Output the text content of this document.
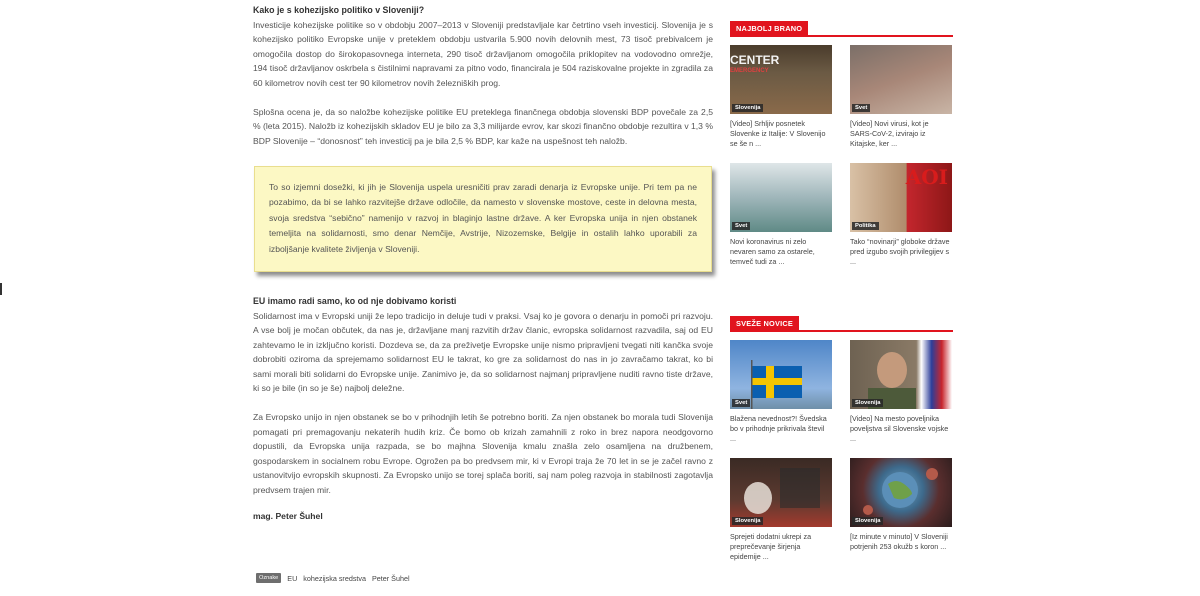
Kako je s kohezijsko politiko v Sloveniji?

Investicije kohezijske politike so v obdobju 2007–2013 v Sloveniji predstavljale kar četrtino vseh investicij. Slovenija je s kohezijsko politiko Evropske unije v preteklem obdobju ustvarila 5.900 novih delovnih mest, 73 tisoč prebivalcem je omogočila dostop do širokopasovnega interneta, 290 tisoč državljanom omogočila priklopitev na vodovodno omrežje, 194 tisoč državljanov oskrbela s čistilnimi napravami za pitno vodo, financirala je 504 raziskovalne projekte in zgradila za 60 kilometrov novih cest ter 90 kilometrov novih železniških prog.

Splošna ocena je, da so naložbe kohezijske politike EU preteklega finančnega obdobja slovenski BDP povečale za 2,5 % (leta 2015). Naložb iz kohezijskih skladov EU je bilo za 3,3 milijarde evrov, kar skozi finančno obdobje rezultira v 1,3 % BDP Slovenije – “donosnost” teh investicij pa je bila 2,5 % BDP, kar kaže na uspešnost teh naložb.

To so izjemni dosežki, ki jih je Slovenija uspela uresničiti prav zaradi denarja iz Evropske unije. Pri tem pa ne pozabimo, da bi se lahko razvitejše države odločile, da namesto v slovenske mostove, ceste in delovna mesta, svoja sredstva “sebično” namenijo v razvoj in blaginjo lastne države. A ker Evropska unija in njen obstanek temeljita na solidarnosti, smo denar Nemčije, Avstrije, Nizozemske, Belgije in ostalih lahko uporabili za izboljšanje kvalitete življenja v Sloveniji.
EU imamo radi samo, ko od nje dobivamo koristi

Solidarnost ima v Evropski uniji že lepo tradicijo in deluje tudi v praksi. Vsaj ko je govora o denarju in pomoči pri razvoju. A vse bolj je močan občutek, da nas je, državljane manj razvitih držav članic, evropska solidarnost razvadila, saj od EU zahtevamo le in izključno koristi. Dozdeva se, da za preživetje Evropske unije nismo pripravljeni tvegati niti kančka svoje dobrobiti oziroma da sprejemamo solidarnost EU le takrat, ko gre za solidarnost do nas in jo zavračamo takrat, ko bi sami morali biti solidarni do Evropske unije. Zanimivo je, da so solidarnost najmanj pripravljene nuditi ravno tiste države, ki so je bile (in so je še) najbolj deležne.

Za Evropsko unijo in njen obstanek se bo v prihodnjih letih še potrebno boriti. Za njen obstanek bo morala tudi Slovenija pomagati pri premagovanju nekaterih hudih kriz. Če bomo ob krizah zamahnili z roko in brez napora neodgovorno dopustili, da Evropska unija razpada, se bo majhna Slovenija kmalu znašla zelo osamljena na družbenem, gospodarskem in socialnem robu Evrope. Ogrožen pa bo predvsem mir, ki v Evropi traja že 70 let in se je začel ravno z ustanovitvijo evropskih skupnosti. Za Evropsko unijo se torej splača boriti, saj nam poleg razvoja in stabilnosti zagotavlja predvsem trajen mir.

mag. Peter Šuhel
Oznake	EU kohezijska sredstva Peter Šuhel
NAJBOLJ BRANO
CENTER
EMERGENCY
Slovenija
[Video] Srhljiv posnetek Slovenke iz Italije: V Slovenijo se še n ...
Svet
[Video] Novi virusi, kot je SARS-CoV-2, izvirajo iz Kitajske, ker ...
Svet
Novi koronavirus ni zelo nevaren samo za ostarele, temveč tudi za ...
AOI
Politika
Tako “novinarji” globoke države pred izgubo svojih privilegijev s ...
SVEŽE NOVICE
Svet
Blažena nevednost?! Švedska bo v prihodnje prikrivala števil ...
Slovenija
[Video] Na mesto poveljnika poveljstva sil Slovenske vojske ...
Slovenija
Sprejeti dodatni ukrepi za preprečevanje širjenja epidemije ...
Slovenija
[Iz minute v minuto] V Sloveniji potrjenih 253 okužb s koron ...
